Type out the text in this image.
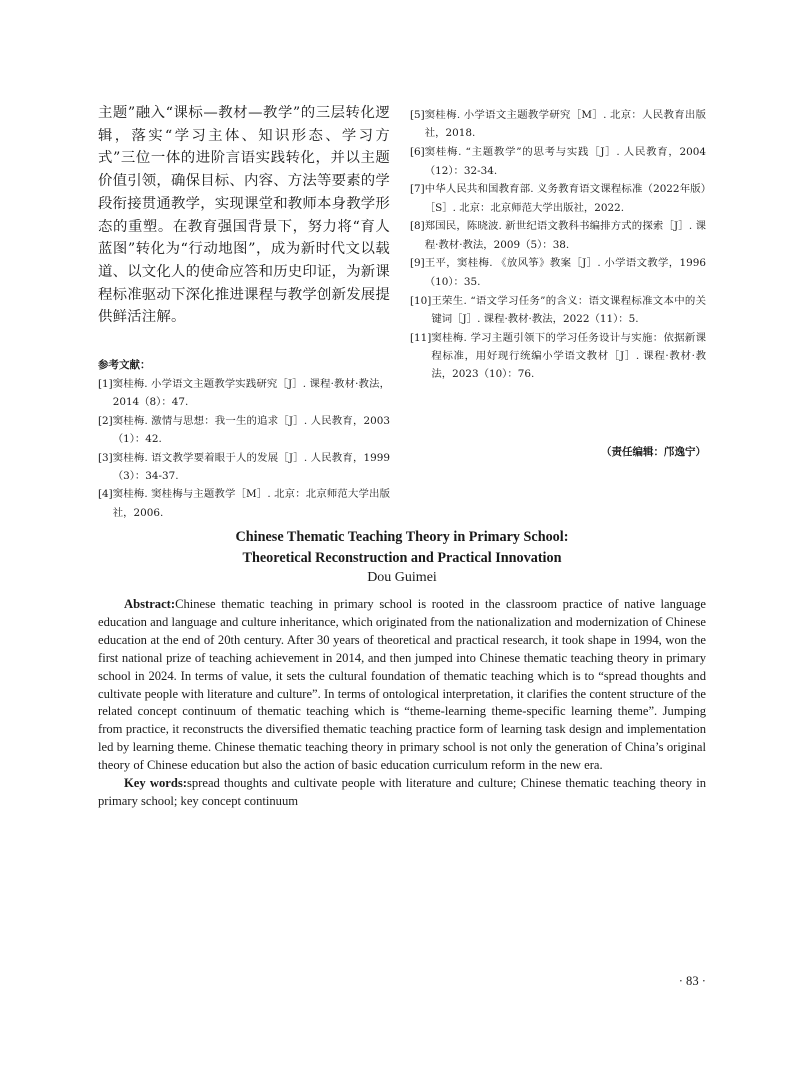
主题”融入“课标—教材—教学”的三层转化逻辑，落实“学习主体、知识形态、学习方式”三位一体的进阶言语实践转化，并以主题价值引领，确保目标、内容、方法等要素的学段衔接贯通教学，实现课堂和教师本身教学形态的重塑。在教育强国背景下，努力将“育人蓝图”转化为“行动地图”，成为新时代文以载道、以文化人的使命应答和历史印证，为新课程标准驱动下深化推进课程与教学创新发展提供鲜活注解。

参考文献：
[1] 窦桂梅. 小学语文主题教学实践研究［J］. 课程·教材·教法，2014（8）：47.
[2] 窦桂梅. 激情与思想：我一生的追求［J］. 人民教育，2003（1）：42.
[3] 窦桂梅. 语文教学要着眼于人的发展［J］. 人民教育，1999（3）：34-37.
[4] 窦桂梅. 窦桂梅与主题教学［M］. 北京：北京师范大学出版社，2006.
[5] 窦桂梅. 小学语文主题教学研究［M］. 北京：人民教育出版社，2018.
[6] 窦桂梅. “主题教学”的思考与实践［J］. 人民教育，2004（12）：32-34.
[7] 中华人民共和国教育部. 义务教育语文课程标准（2022年版）［S］. 北京：北京师范大学出版社，2022.
[8] 郑国民，陈晓波. 新世纪语文教科书编排方式的探索［J］. 课程·教材·教法，2009（5）：38.
[9] 王平，窦桂梅. 《放风筝》教案［J］. 小学语文教学，1996（10）：35.
[10] 王荣生. “语文学习任务”的含义：语文课程标准文本中的关键词［J］. 课程·教材·教法，2022（11）：5.
[11] 窦桂梅. 学习主题引领下的学习任务设计与实施：依据新课程标准，用好现行统编小学语文教材［J］. 课程·教材·教法，2023（10）：76.
（责任编辑：邝逸宁）
Chinese Thematic Teaching Theory in Primary School:
Theoretical Reconstruction and Practical Innovation
Dou Guimei

Abstract:Chinese thematic teaching in primary school is rooted in the classroom practice of native language education and language and culture inheritance, which originated from the nationalization and modernization of Chinese education at the end of 20th century. After 30 years of theoretical and practical research, it took shape in 1994, won the first national prize of teaching achievement in 2014, and then jumped into Chinese thematic teaching theory in primary school in 2024. In terms of value, it sets the cultural foundation of thematic teaching which is to “spread thoughts and cultivate people with literature and culture”. In terms of ontological interpretation, it clarifies the content structure of the related concept continuum of thematic teaching which is “theme-learning theme-specific learning theme”. Jumping from practice, it reconstructs the diversified thematic teaching practice form of learning task design and implementation led by learning theme. Chinese thematic teaching theory in primary school is not only the generation of China’s original theory of Chinese education but also the action of basic education curriculum reform in the new era.

Key words:spread thoughts and cultivate people with literature and culture; Chinese thematic teaching theory in primary school; key concept continuum

· 83 ·
